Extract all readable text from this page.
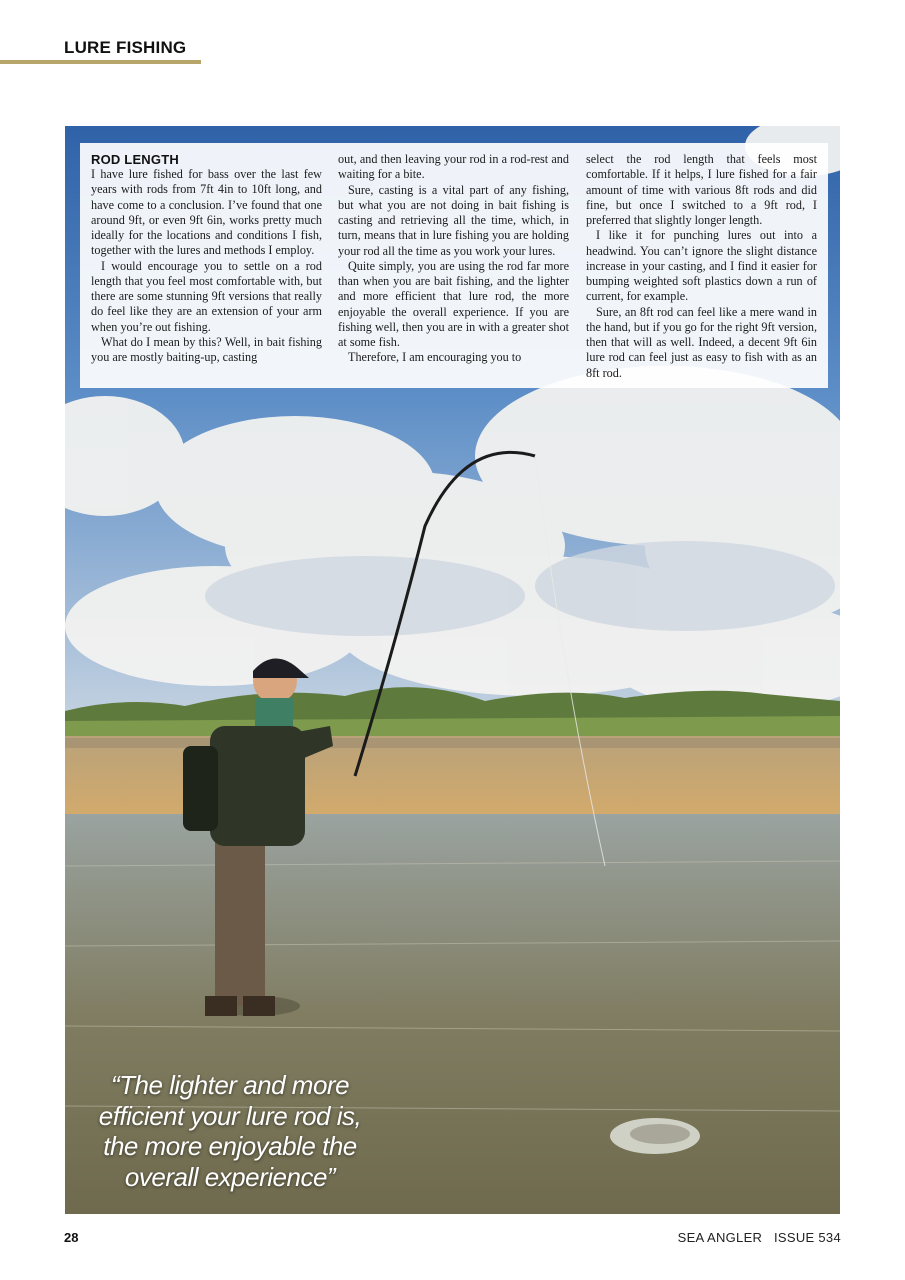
LURE FISHING
ROD LENGTH

I have lure fished for bass over the last few years with rods from 7ft 4in to 10ft long, and have come to a conclusion. I’ve found that one around 9ft, or even 9ft 6in, works pretty much ideally for the locations and conditions I fish, together with the lures and methods I employ.

I would encourage you to settle on a rod length that you feel most comfortable with, but there are some stunning 9ft versions that really do feel like they are an extension of your arm when you’re out fishing.

What do I mean by this? Well, in bait fishing you are mostly baiting-up, casting

out, and then leaving your rod in a rod-rest and waiting for a bite.

Sure, casting is a vital part of any fishing, but what you are not doing in bait fishing is casting and retrieving all the time, which, in turn, means that in lure fishing you are holding your rod all the time as you work your lures.

Quite simply, you are using the rod far more than when you are bait fishing, and the lighter and more efficient that lure rod, the more enjoyable the overall experience. If you are fishing well, then you are in with a greater shot at some fish.

Therefore, I am encouraging you to

select the rod length that feels most comfortable. If it helps, I lure fished for a fair amount of time with various 8ft rods and did fine, but once I switched to a 9ft rod, I preferred that slightly longer length.

I like it for punching lures out into a headwind. You can’t ignore the slight distance increase in your casting, and I find it easier for bumping weighted soft plastics down a run of current, for example.

Sure, an 8ft rod can feel like a mere wand in the hand, but if you go for the right 9ft version, then that will as well. Indeed, a decent 9ft 6in lure rod can feel just as easy to fish with as an 8ft rod.

“The lighter and more efficient your lure rod is, the more enjoyable the overall experience”
28	SEA ANGLER   ISSUE 534
